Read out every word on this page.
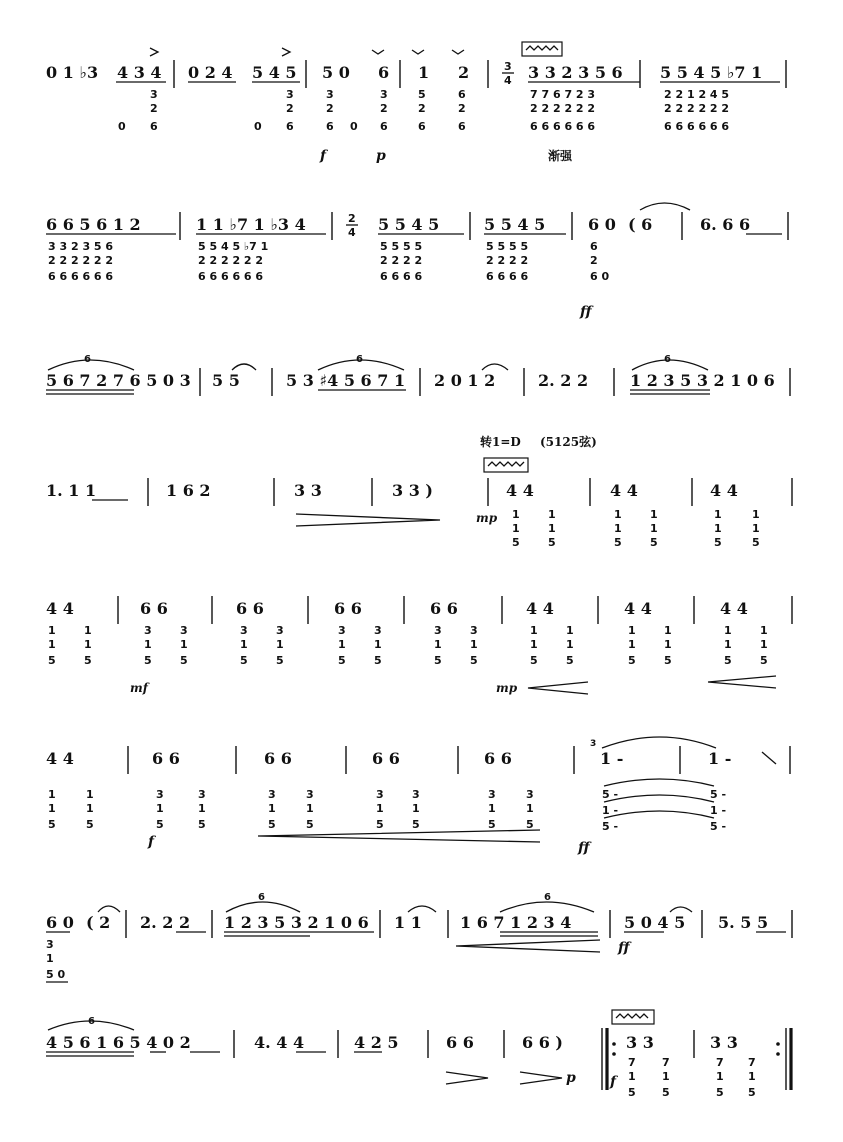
0 1 ♭3 4 3 4 0 2 4 5 4 5 5 0 6 1 2	3
4 3 3 2 3 5 6 5 5 4 5 ♭7 1
3
2
0 6
3
2
0 6
3
2
6 0
3
2
6
5
2
6
6
2
6
7 7 6 7 2 3
2 2 2 2 2 2
6 6 6 6 6 6
2 2 1 2 4 5
2 2 2 2 2 2
6 6 6 6 6 6
f	p	渐强
6 6 5 6 1 2	1 1 ♭7 1 ♭3 4	2
4 5 5 4 5	5 5 4 5	6 0 ( 6	6. 6 6
3 3 2 3 5 6
2 2 2 2 2 2
6 6 6 6 6 6
5 5 4 5 ♭7 1
2 2 2 2 2 2
6 6 6 6 6 6
5 5 5 5
2 2 2 2
6 6 6 6
5 5 5 5
2 2 2 2
6 6 6 6
6
2
6 0
ff
6
5 6 7 2 7 6 5 0 3 5 5	5 3 ♯4 5 6 7 1
6
2 0 1 2	2. 2 2
6
1 2 3 5 3 2 1 0 6
转1=D (5125弦)
1. 1 1	1 6 2	3 3	3 3 )	4 4	4 4	4 4
1
1
5
1
1
5
1
1
5
1
1
5
1
1
5
1
1
5
mp
4 4	6 6	6 6	6 6	6 6	4 4	4 4	4 4
1
1
5
1
1
5
3
1
5
3
1
5
3
1
5
3
1
5
3
1
5
3
1
5
3
1
5
3
1
5
1
1
5
1
1
5
1
1
5
1
1
5
1
1
5
1
1
5
mf	mp
4 4	6 6	6 6	6 6	6 6
3
1 -	1 -
1
1
5
1
1
5
3
1
5
3
1
5
3
1
5
3
1
5
3
1
5
3
1
5
3
1
5
3
1
5
5 -
1 -
5 -
5 -
1 -
5 -
f	ff
6 0 ( 2 2. 2 2
6
1 2 3 5 3 2 1 0 6 1 1
6
1 6 7 1 2 3 4	5 0 4 5 5. 5 5
3
1
5 0
ff
6
4 5 6 1 6 5 4 0 2	4. 4 4	4 2 5	6 6	6 6 )	3 3	3 3
p f
7
1
5
7
1
5
7
1
5
7
1
5
